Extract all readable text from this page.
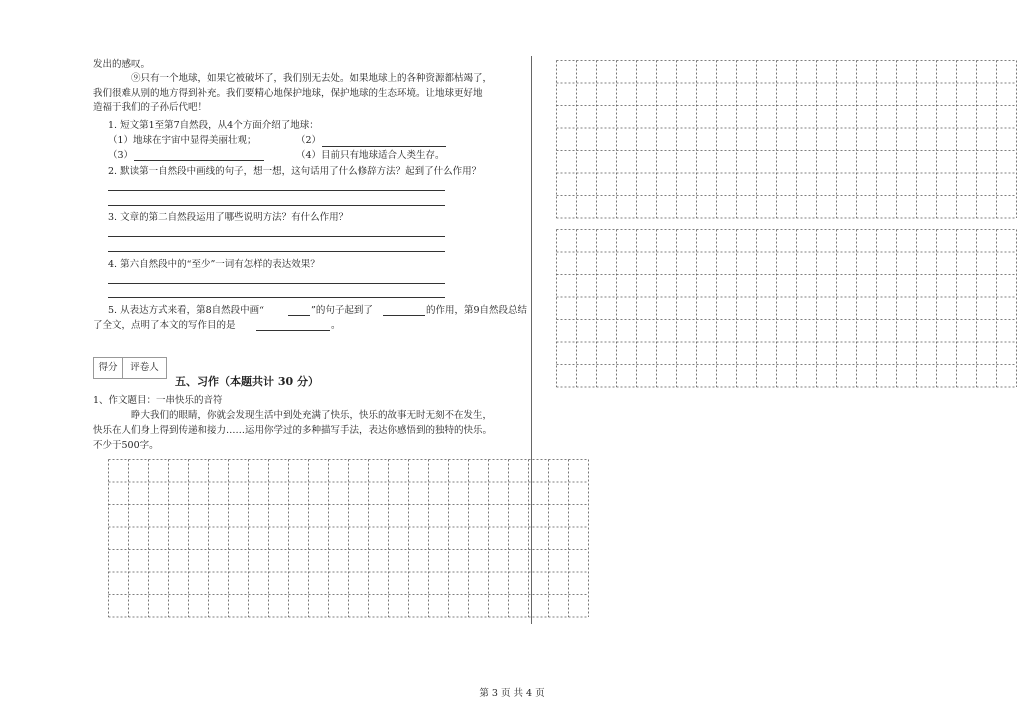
发出的感叹。
⑨只有一个地球，如果它被破坏了，我们别无去处。如果地球上的各种资源都枯竭了，
我们很难从别的地方得到补充。我们要精心地保护地球，保护地球的生态环境。让地球更好地
造福于我们的子孙后代吧！
1. 短文第1至第7自然段，从4个方面介绍了地球：
（1）地球在宇宙中显得美丽壮观；	（2）
（3）	（4）目前只有地球适合人类生存。
2. 默读第一自然段中画线的句子，想一想，这句话用了什么修辞方法？起到了什么作用？
3. 文章的第二自然段运用了哪些说明方法？有什么作用？
4. 第六自然段中的“至少”一词有怎样的表达效果？
5. 从表达方式来看，第8自然段中画“	”的句子起到了	的作用，第9自然段总结
了全文，点明了本文的写作目的是	。
得分	评卷人
五、习作（本题共计 30 分）
1、作文题目：一串快乐的音符
睁大我们的眼睛，你就会发现生活中到处充满了快乐，快乐的故事无时无刻不在发生，
快乐在人们身上得到传递和接力……运用你学过的多种描写手法，表达你感悟到的独特的快乐。
不少于500字。
第 3 页 共 4 页
